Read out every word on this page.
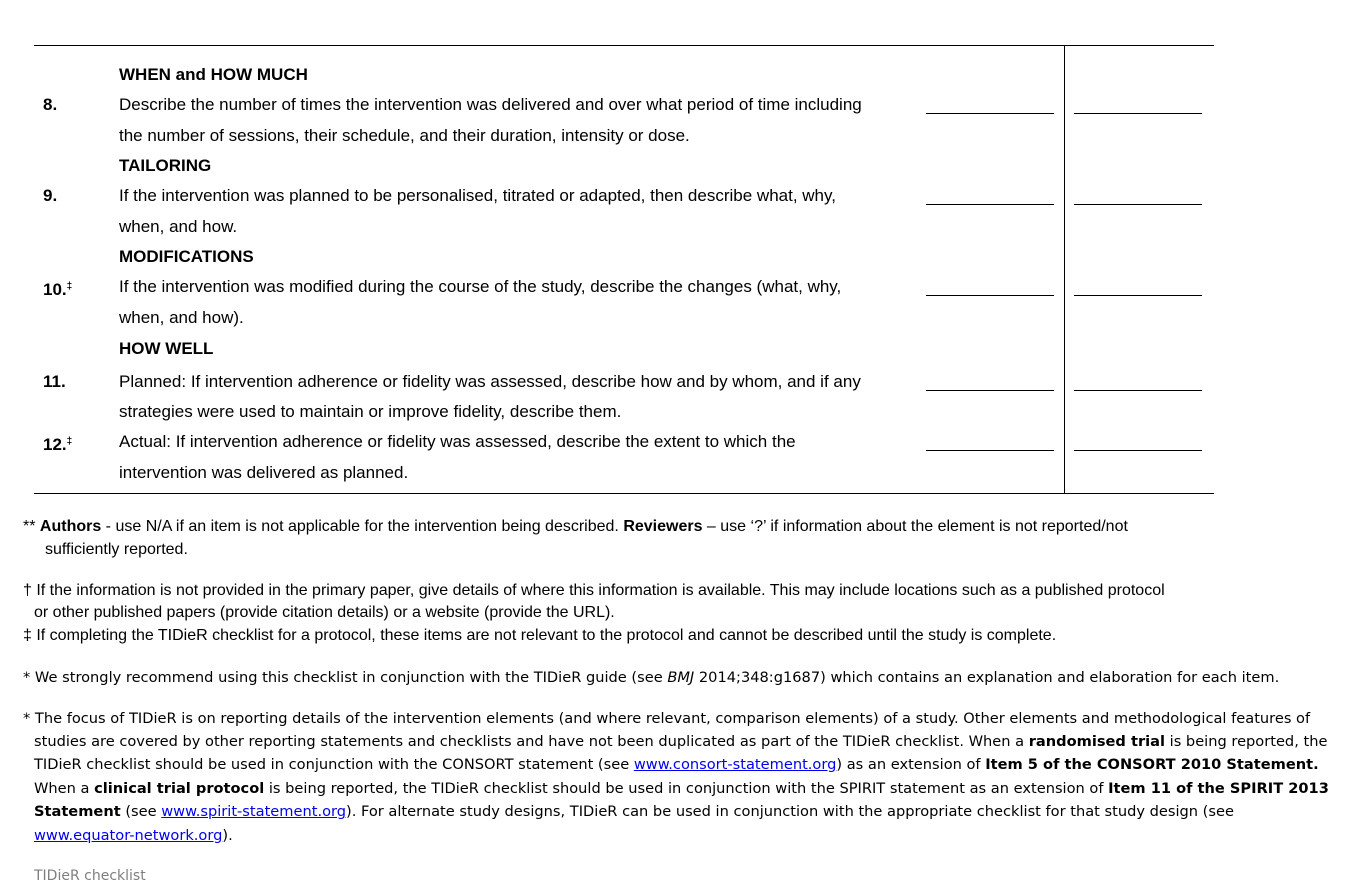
WHEN and HOW MUCH
8.	Describe the number of times the intervention was delivered and over what period of time including
the number of sessions, their schedule, and their duration, intensity or dose.
TAILORING
9.	If the intervention was planned to be personalised, titrated or adapted, then describe what, why,
when, and how.
MODIFICATIONS
10.‡	If the intervention was modified during the course of the study, describe the changes (what, why,
when, and how).
HOW WELL
11.	Planned: If intervention adherence or fidelity was assessed, describe how and by whom, and if any
strategies were used to maintain or improve fidelity, describe them.
12.‡	Actual: If intervention adherence or fidelity was assessed, describe the extent to which the
intervention was delivered as planned.
** Authors - use N/A if an item is not applicable for the intervention being described. Reviewers – use ‘?’ if information about the element is not reported/not
sufficiently reported.
† If the information is not provided in the primary paper, give details of where this information is available. This may include locations such as a published protocol
or other published papers (provide citation details) or a website (provide the URL).
‡ If completing the TIDieR checklist for a protocol, these items are not relevant to the protocol and cannot be described until the study is complete.
* We strongly recommend using this checklist in conjunction with the TIDieR guide (see BMJ 2014;348:g1687) which contains an explanation and elaboration for each item.
* The focus of TIDieR is on reporting details of the intervention elements (and where relevant, comparison elements) of a study. Other elements and methodological features of
studies are covered by other reporting statements and checklists and have not been duplicated as part of the TIDieR checklist. When a randomised trial is being reported, the
TIDieR checklist should be used in conjunction with the CONSORT statement (see www.consort-statement.org) as an extension of Item 5 of the CONSORT 2010 Statement.
When a clinical trial protocol is being reported, the TIDieR checklist should be used in conjunction with the SPIRIT statement as an extension of Item 11 of the SPIRIT 2013
Statement (see www.spirit-statement.org). For alternate study designs, TIDieR can be used in conjunction with the appropriate checklist for that study design (see
www.equator-network.org).
TIDieR checklist
